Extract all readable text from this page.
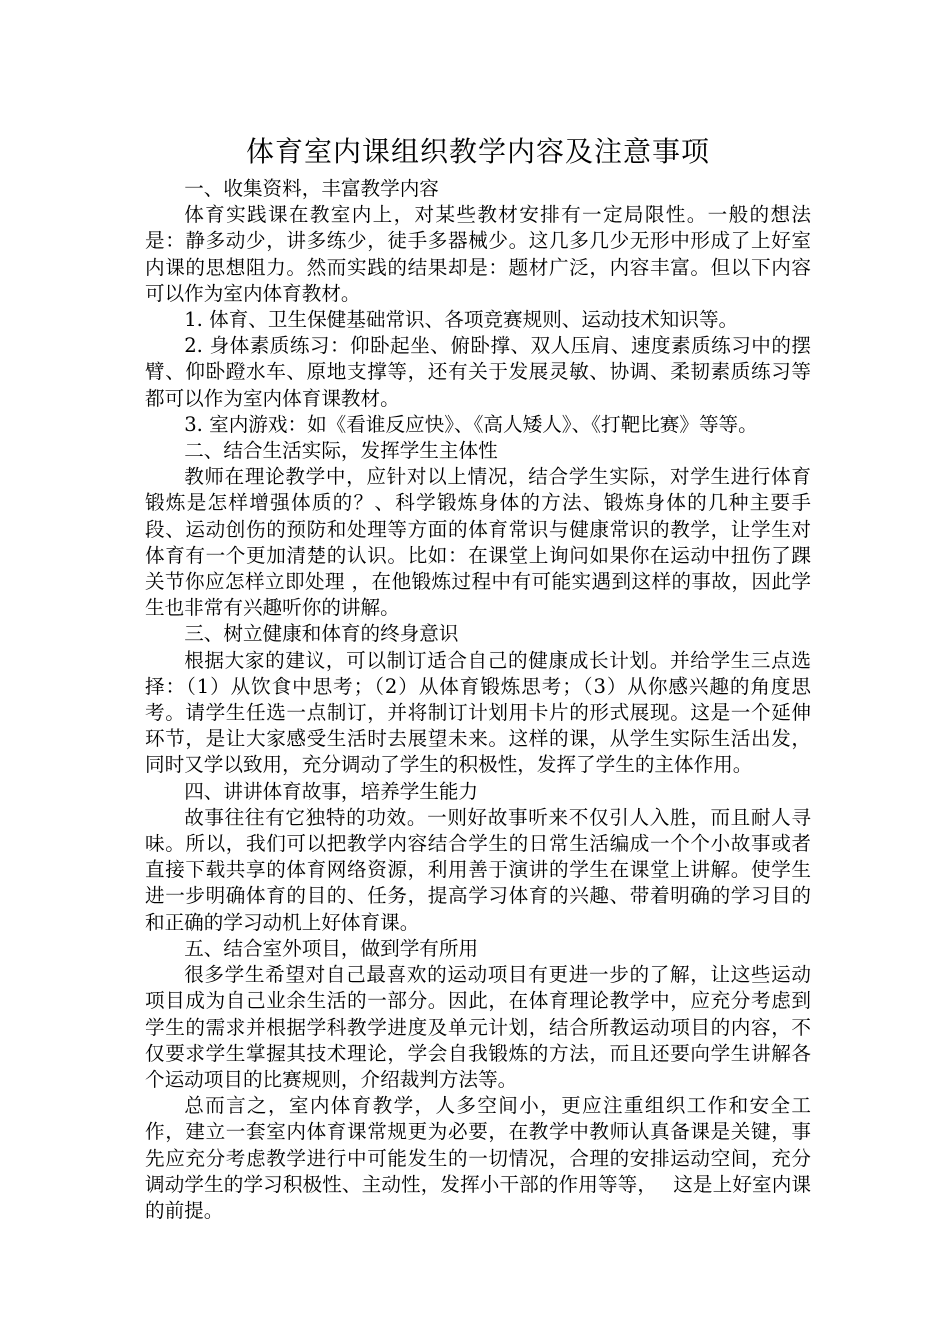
体育室内课组织教学内容及注意事项

一、收集资料，丰富教学内容

体育实践课在教室内上，对某些教材安排有一定局限性。一般的想法是：静多动少，讲多练少，徒手多器械少。这几多几少无形中形成了上好室内课的思想阻力。然而实践的结果却是：题材广泛，内容丰富。但以下内容可以作为室内体育教材。

1. 体育、卫生保健基础常识、各项竞赛规则、运动技术知识等。

2. 身体素质练习：仰卧起坐、俯卧撑、双人压肩、速度素质练习中的摆臂、仰卧蹬水车、原地支撑等，还有关于发展灵敏、协调、柔韧素质练习等都可以作为室内体育课教材。

3. 室内游戏：如《看谁反应快》、《高人矮人》、《打靶比赛》等等。

二、结合生活实际，发挥学生主体性

教师在理论教学中，应针对以上情况，结合学生实际，对学生进行体育锻炼是怎样增强体质的？、科学锻炼身体的方法、锻炼身体的几种主要手段、运动创伤的预防和处理等方面的体育常识与健康常识的教学，让学生对体育有一个更加清楚的认识。比如：在课堂上询问如果你在运动中扭伤了踝关节你应怎样立即处理 ，在他锻炼过程中有可能实遇到这样的事故，因此学生也非常有兴趣听你的讲解。

三、树立健康和体育的终身意识

根据大家的建议，可以制订适合自己的健康成长计划。并给学生三点选择：（1）从饮食中思考；（2）从体育锻炼思考；（3）从你感兴趣的角度思考。请学生任选一点制订，并将制订计划用卡片的形式展现。这是一个延伸环节，是让大家感受生活时去展望未来。这样的课，从学生实际生活出发，同时又学以致用，充分调动了学生的积极性，发挥了学生的主体作用。

四、讲讲体育故事，培养学生能力

故事往往有它独特的功效。一则好故事听来不仅引人入胜，而且耐人寻味。所以，我们可以把教学内容结合学生的日常生活编成一个个小故事或者直接下载共享的体育网络资源，利用善于演讲的学生在课堂上讲解。使学生进一步明确体育的目的、任务，提高学习体育的兴趣、带着明确的学习目的和正确的学习动机上好体育课。

五、结合室外项目，做到学有所用

很多学生希望对自己最喜欢的运动项目有更进一步的了解，让这些运动项目成为自己业余生活的一部分。因此，在体育理论教学中，应充分考虑到学生的需求并根据学科教学进度及单元计划，结合所教运动项目的内容，不仅要求学生掌握其技术理论，学会自我锻炼的方法，而且还要向学生讲解各个运动项目的比赛规则，介绍裁判方法等。

总而言之，室内体育教学，人多空间小，更应注重组织工作和安全工作，建立一套室内体育课常规更为必要，在教学中教师认真备课是关键，事先应充分考虑教学进行中可能发生的一切情况，合理的安排运动空间，充分调动学生的学习积极性、主动性，发挥小干部的作用等等，　 这是上好室内课的前提。
